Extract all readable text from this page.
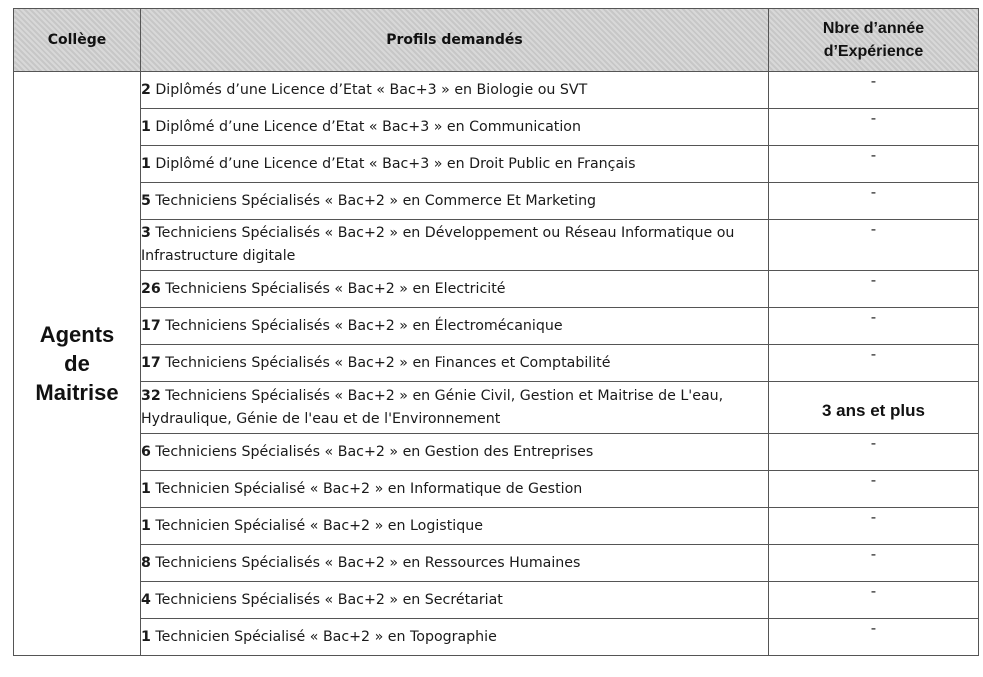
Collège	Profils demandés	Nbre d’année
d’Expérience

Agents
de
Maitrise	2 Diplômés d’une Licence d’Etat « Bac+3 » en Biologie ou SVT	-
	1 Diplômé d’une Licence d’Etat « Bac+3 » en Communication	-
	1 Diplômé d’une Licence d’Etat « Bac+3 » en Droit Public en Français	-
	5 Techniciens Spécialisés « Bac+2 » en Commerce Et Marketing	-
	3 Techniciens Spécialisés « Bac+2 » en Développement ou Réseau Informatique ou Infrastructure digitale	-
	26 Techniciens Spécialisés « Bac+2 » en Electricité	-
	17 Techniciens Spécialisés « Bac+2 » en Électromécanique	-
	17 Techniciens Spécialisés « Bac+2 » en Finances et Comptabilité	-
	32 Techniciens Spécialisés « Bac+2 » en Génie Civil, Gestion et Maitrise de L'eau, Hydraulique, Génie de l'eau et de l'Environnement	3 ans et plus
	6 Techniciens Spécialisés « Bac+2 » en Gestion des Entreprises	-
	1 Technicien Spécialisé « Bac+2 » en Informatique de Gestion	-
	1 Technicien Spécialisé « Bac+2 » en Logistique	-
	8 Techniciens Spécialisés « Bac+2 » en Ressources Humaines	-
	4 Techniciens Spécialisés « Bac+2 » en Secrétariat	-
	1 Technicien Spécialisé « Bac+2 » en Topographie	-
